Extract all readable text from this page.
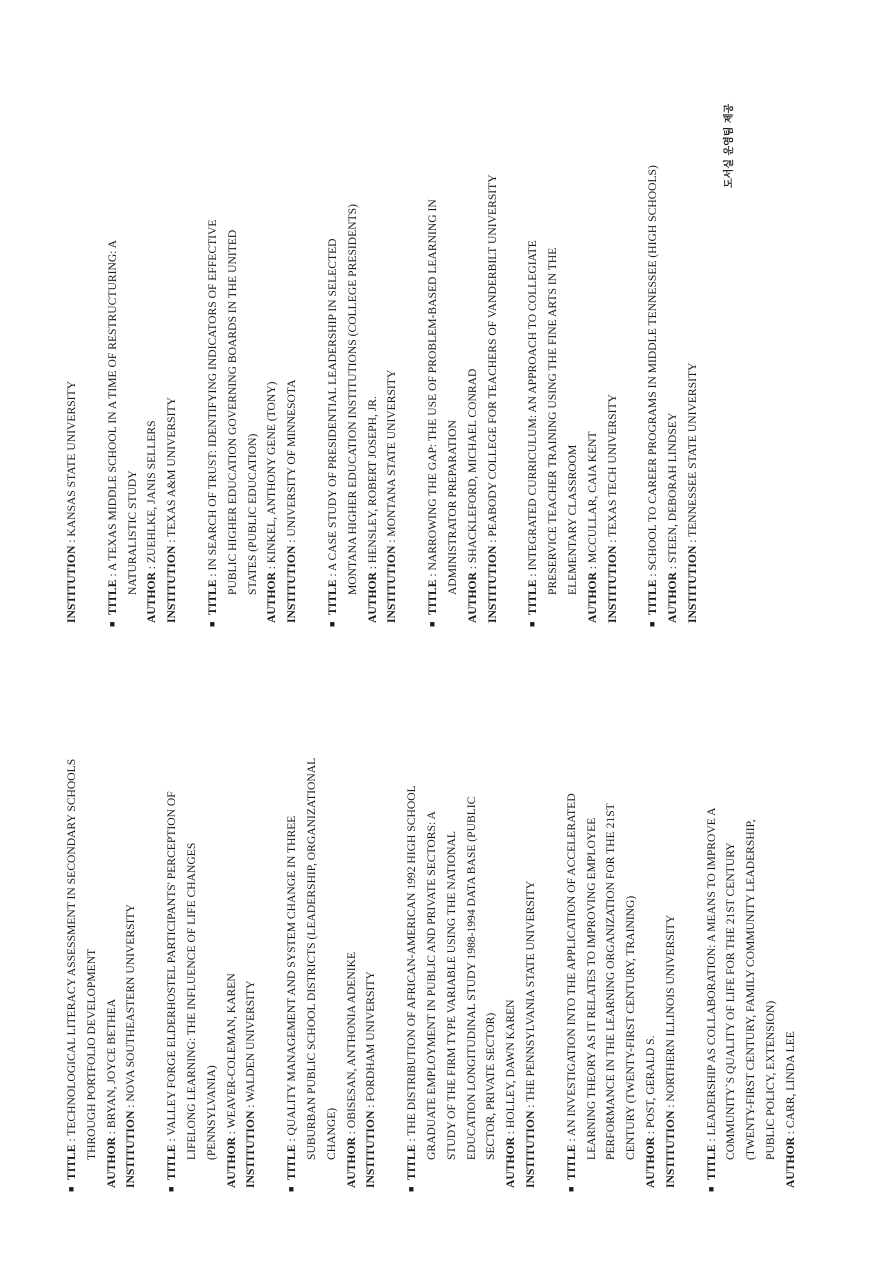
■
TITLE : TECHNOLOGICAL LITERACY ASSESSMENT IN SECONDARY SCHOOLS THROUGH PORTFOLIO DEVELOPMENT
AUTHOR : BRYAN, JOYCE BETHEA
INSTITUTION : NOVA SOUTHEASTERN UNIVERSITY
■
TITLE : VALLEY FORGE ELDERHOSTEL PARTICIPANTS' PERCEPTION OF LIFELONG LEARNING: THE INFLUENCE OF LIFE CHANGES (PENNSYLVANIA)
AUTHOR : WEAVER-COLEMAN, KAREN
INSTITUTION : WALDEN UNIVERSITY
■
TITLE : QUALITY MANAGEMENT AND SYSTEM CHANGE IN THREE SUBURBAN PUBLIC SCHOOL DISTRICTS (LEADERSHIP, ORGANIZATIONAL CHANGE)
AUTHOR : OBISESAN, ANTHONIA ADENIKE
INSTITUTION : FORDHAM UNIVERSITY
■
TITLE : THE DISTRIBUTION OF AFRICAN-AMERICAN 1992 HIGH SCHOOL GRADUATE EMPLOYMENT IN PUBLIC AND PRIVATE SECTORS: A STUDY OF THE FIRM TYPE VARIABLE USING THE NATIONAL EDUCATION LONGITUDINAL STUDY 1988-1994 DATA BASE (PUBLIC SECTOR, PRIVATE SECTOR)
AUTHOR : HOLLEY, DAWN KAREN
INSTITUTION : THE PENNSYLVANIA STATE UNIVERSITY
■
TITLE : AN INVESTIGATION INTO THE APPLICATION OF ACCELERATED LEARNING THEORY AS IT RELATES TO IMPROVING EMPLOYEE PERFORMANCE IN THE LEARNING ORGANIZATION FOR THE 21ST CENTURY (TWENTY-FIRST CENTURY, TRAINING)
AUTHOR : POST, GERALD S.
INSTITUTION : NORTHERN ILLINOIS UNIVERSITY
■
TITLE : LEADERSHIP AS COLLABORATION: A MEANS TO IMPROVE A COMMUNITY`S QUALITY OF LIFE FOR THE 21ST CENTURY (TWENTY-FIRST CENTURY, FAMILY COMMUNITY LEADERSHIP, PUBLIC POLICY, EXTENSION)
AUTHOR : CARR, LINDA LEE
INSTITUTION : KANSAS STATE UNIVERSITY
■
TITLE : A TEXAS MIDDLE SCHOOL IN A TIME OF RESTRUCTURING: A NATURALISTIC STUDY
AUTHOR : ZUEHLKE, JANIS SELLERS
INSTITUTION : TEXAS A&M UNIVERSITY
■
TITLE : IN SEARCH OF TRUST: IDENTIFYING INDICATORS OF EFFECTIVE PUBLIC HIGHER EDUCATION GOVERNING BOARDS IN THE UNITED STATES (PUBLIC EDUCATION)
AUTHOR : KINKEL, ANTHONY GENE (TONY)
INSTITUTION : UNIVERSITY OF MINNESOTA
■
TITLE : A CASE STUDY OF PRESIDENTIAL LEADERSHIP IN SELECTED MONTANA HIGHER EDUCATION INSTITUTIONS (COLLEGE PRESIDENTS)
AUTHOR : HENSLEY, ROBERT JOSEPH, JR.
INSTITUTION : MONTANA STATE UNIVERSITY
■
TITLE : NARROWING THE GAP: THE USE OF PROBLEM-BASED LEARNING IN ADMINISTRATOR PREPARATION
AUTHOR : SHACKLEFORD, MICHAEL CONRAD
INSTITUTION : PEABODY COLLEGE FOR TEACHERS OF VANDERBILT UNIVERSITY
■
TITLE : INTEGRATED CURRICULUM: AN APPROACH TO COLLEGIATE PRESERVICE TEACHER TRAINING USING THE FINE ARTS IN THE ELEMENTARY CLASSROOM
AUTHOR : MCCULLAR, CAIA KENT
INSTITUTION : TEXAS TECH UNIVERSITY
■
TITLE : SCHOOL TO CAREER PROGRAMS IN MIDDLE TENNESSEE (HIGH SCHOOLS)
AUTHOR : STEEN, DEBORAH LINDSEY
INSTITUTION : TENNESSEE STATE UNIVERSITY
도서실 운영팀 제공
